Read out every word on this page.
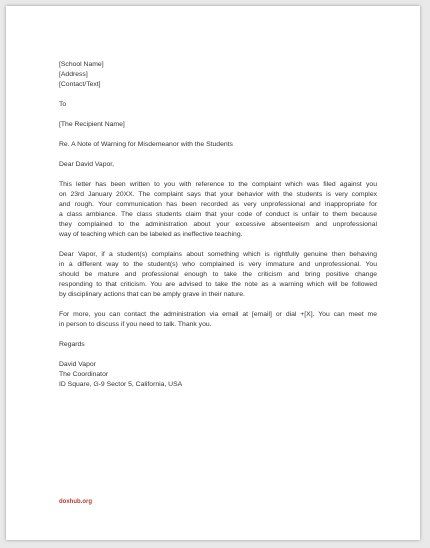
[School Name]
[Address]
[Contact/Text]
To
[The Recipient Name]
Re. A Note of Warning for Misdemeanor with the Students
Dear David Vapor,
This letter has been written to you with reference to the complaint which was filed against you
on 23rd January 20XX. The complaint says that your behavior with the students is very complex
and rough. Your communication has been recorded as very unprofessional and inappropriate for
a class ambiance. The class students claim that your code of conduct is unfair to them because
they complained to the administration about your excessive absenteeism and unprofessional
way of teaching which can be labeled as ineffective teaching.
Dear Vapor, if a student(s) complains about something which is rightfully genuine then behaving
in a different way to the student(s) who complained is very immature and unprofessional. You
should be mature and professional enough to take the criticism and bring positive change
responding to that criticism. You are advised to take the note as a warning which will be followed
by disciplinary actions that can be amply grave in their nature.
For more, you can contact the administration via email at [email] or dial +[X]. You can meet me
in person to discuss if you need to talk. Thank you.
Regards
David Vapor
The Coordinator
ID Square, G-9 Sector 5, California, USA
doxhub.org
